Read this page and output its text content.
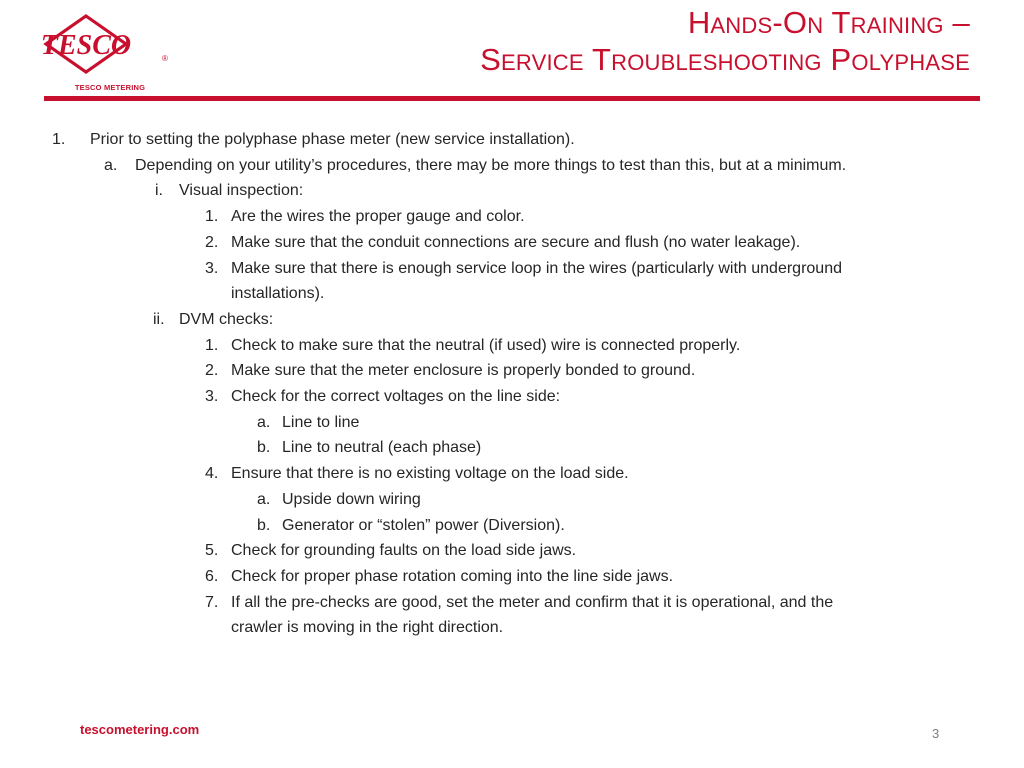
TESCO	®
TESCO METERING
Hands-On Training –
Service Troubleshooting Polyphase
1. Prior to setting the polyphase phase meter (new service installation).
a. Depending on your utility’s procedures, there may be more things to test than this, but at a minimum.
i. Visual inspection:
1. Are the wires the proper gauge and color.
2. Make sure that the conduit connections are secure and flush (no water leakage).
3. Make sure that there is enough service loop in the wires (particularly with underground
installations).
ii. DVM checks:
1. Check to make sure that the neutral (if used) wire is connected properly.
2. Make sure that the meter enclosure is properly bonded to ground.
3. Check for the correct voltages on the line side:
a. Line to line
b. Line to neutral (each phase)
4. Ensure that there is no existing voltage on the load side.
a. Upside down wiring
b. Generator or “stolen” power (Diversion).
5. Check for grounding faults on the load side jaws.
6. Check for proper phase rotation coming into the line side jaws.
7. If all the pre-checks are good, set the meter and confirm that it is operational, and the
crawler is moving in the right direction.
tescometering.com	3
